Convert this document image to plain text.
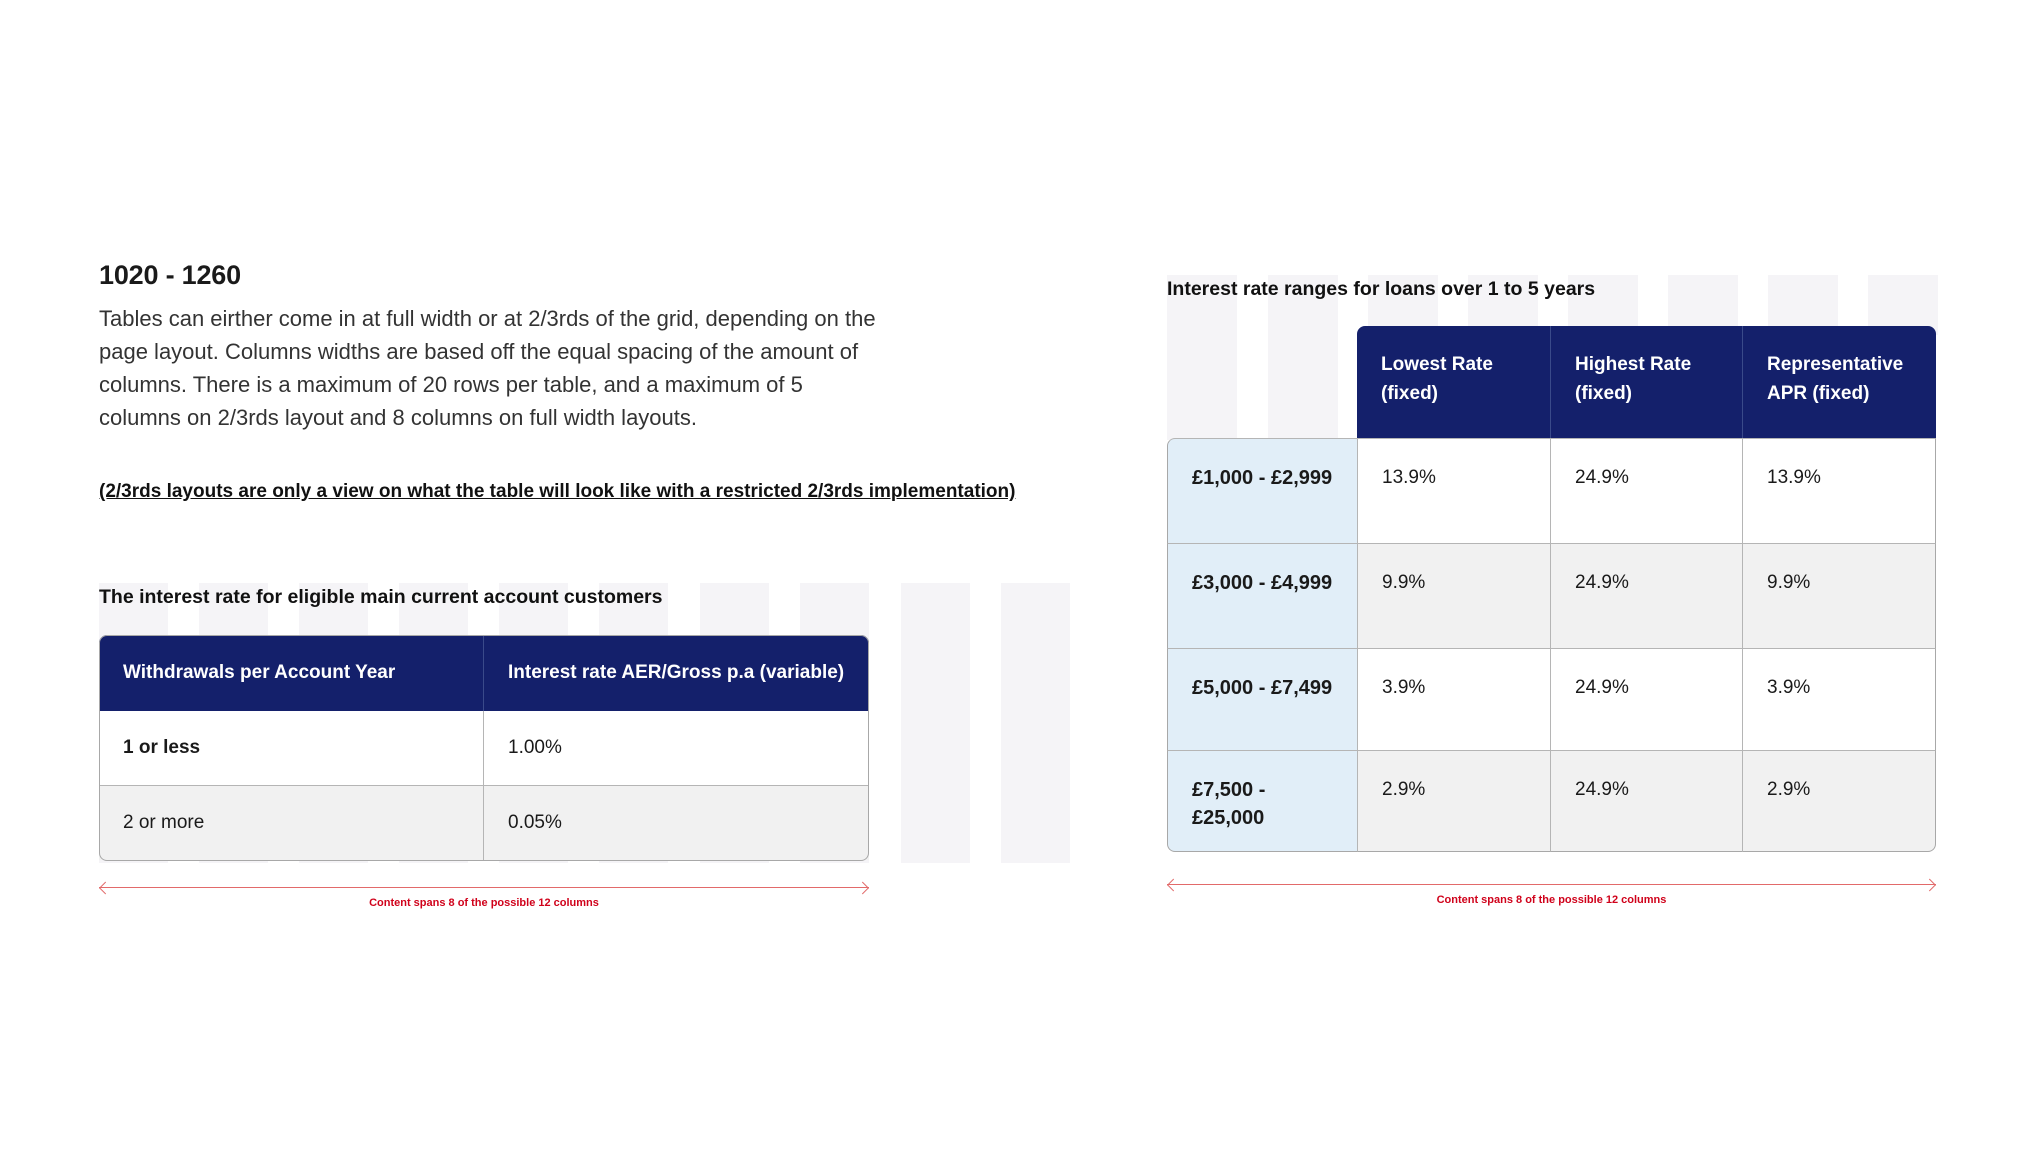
1020 - 1260

Tables can eirther come in at full width or at 2/3rds of the grid, depending on the page layout. Columns widths are based off the equal spacing of the amount of columns. There is a maximum of 20 rows per table, and a maximum of 5 columns on 2/3rds layout and 8 columns on full width layouts.

(2/3rds layouts are only a view on what the table will look like with a restricted 2/3rds implementation)

The interest rate for eligible main current account customers

Withdrawals per Account Year	Interest rate AER/Gross p.a (variable)
1 or less	1.00%
2 or more	0.05%
Content spans 8 of the possible 12 columns

Interest rate ranges for loans over 1 to 5 years

	Lowest Rate (fixed)	Highest Rate (fixed)	Representative APR (fixed)
£1,000 - £2,999	13.9%	24.9%	13.9%
£3,000 - £4,999	9.9%	24.9%	9.9%
£5,000 - £7,499	3.9%	24.9%	3.9%
£7,500 - £25,000	2.9%	24.9%	2.9%
Content spans 8 of the possible 12 columns
